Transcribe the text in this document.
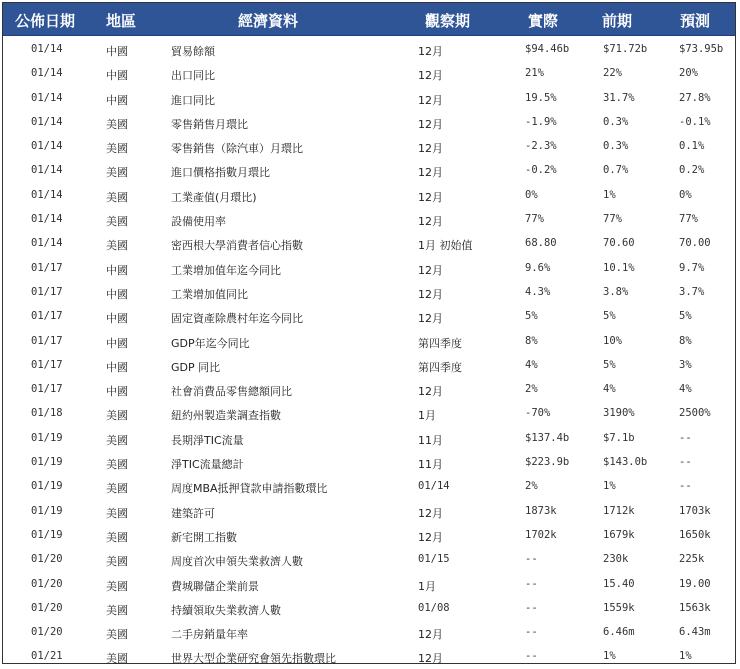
公佈日期 地區	經濟資料	觀察期	實際	前期	預測
01/14	中國	貿易餘額	12月	$94.46b	$71.72b	$73.95b
01/14	中國	出口同比	12月	21%	22%	20%
01/14	中國	進口同比	12月	19.5%	31.7%	27.8%
01/14	美國	零售銷售月環比	12月	-1.9%	0.3%	-0.1%
01/14	美國	零售銷售（除汽車）月環比	12月	-2.3%	0.3%	0.1%
01/14	美國	進口價格指數月環比	12月	-0.2%	0.7%	0.2%
01/14	美國	工業產值(月環比)	12月	0%	1%	0%
01/14	美國	設備使用率	12月	77%	77%	77%
01/14	美國	密西根大學消費者信心指數	1月 初始值	68.80	70.60	70.00
01/17	中國	工業增加值年迄今同比	12月	9.6%	10.1%	9.7%
01/17	中國	工業增加值同比	12月	4.3%	3.8%	3.7%
01/17	中國	固定資產除農村年迄今同比	12月	5%	5%	5%
01/17	中國	GDP年迄今同比	第四季度	8%	10%	8%
01/17	中國	GDP 同比	第四季度	4%	5%	3%
01/17	中國	社會消費品零售總額同比	12月	2%	4%	4%
01/18	美國	紐約州製造業調查指數	1月	-70%	3190%	2500%
01/19	美國	長期淨TIC流量	11月	$137.4b	$7.1b	--
01/19	美國	淨TIC流量總計	11月	$223.9b	$143.0b	--
01/19	美國	周度MBA抵押貸款申請指數環比	01/14	2%	1%	--
01/19	美國	建築許可	12月	1873k	1712k	1703k
01/19	美國	新宅開工指數	12月	1702k	1679k	1650k
01/20	美國	周度首次申領失業救濟人數	01/15	--	230k	225k
01/20	美國	費城聯儲企業前景	1月	--	15.40	19.00
01/20	美國	持續領取失業救濟人數	01/08	--	1559k	1563k
01/20	美國	二手房銷量年率	12月	--	6.46m	6.43m
01/21	美國	世界大型企業研究會領先指數環比	12月	--	1%	1%
